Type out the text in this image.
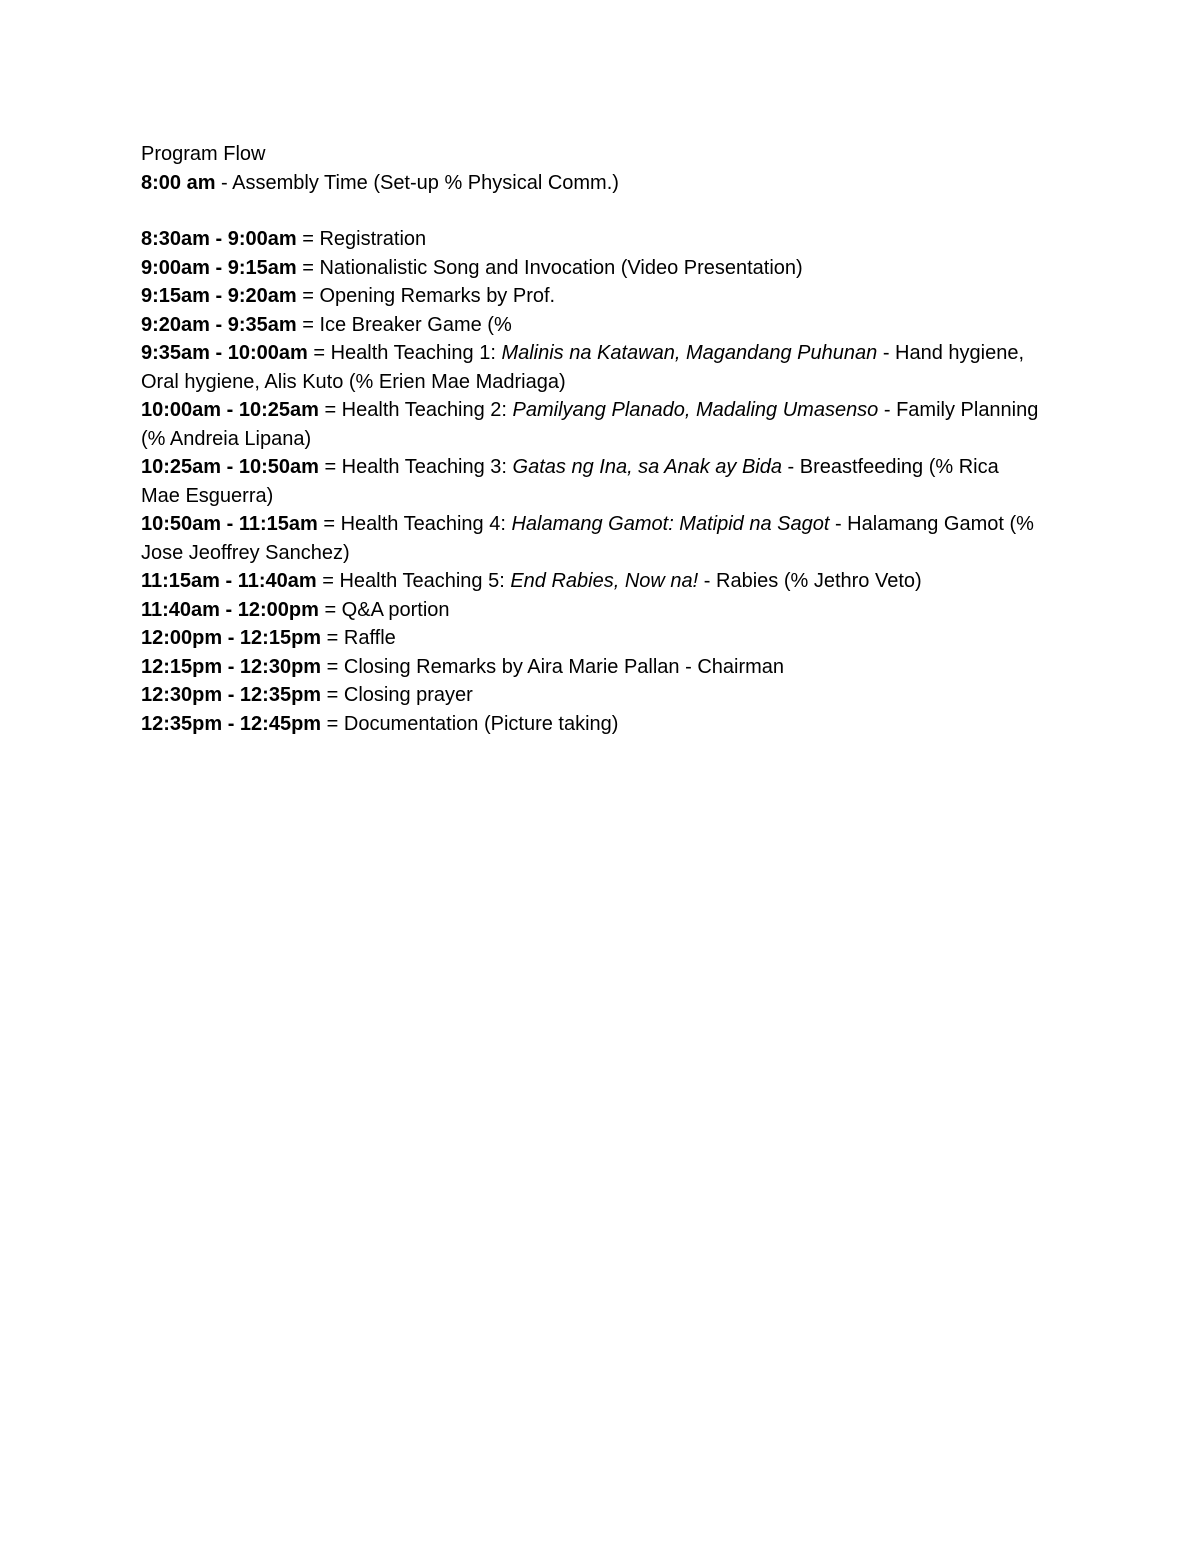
Program Flow
8:00 am - Assembly Time (Set-up % Physical Comm.)
8:30am - 9:00am = Registration
9:00am - 9:15am = Nationalistic Song and Invocation (Video Presentation)
9:15am - 9:20am = Opening Remarks by Prof.
9:20am - 9:35am = Ice Breaker Game (%
9:35am - 10:00am = Health Teaching 1: Malinis na Katawan, Magandang Puhunan - Hand hygiene, Oral hygiene, Alis Kuto (% Erien Mae Madriaga)
10:00am - 10:25am = Health Teaching 2: Pamilyang Planado, Madaling Umasenso - Family Planning (% Andreia Lipana)
10:25am - 10:50am = Health Teaching 3: Gatas ng Ina, sa Anak ay Bida - Breastfeeding (% Rica Mae Esguerra)
10:50am - 11:15am = Health Teaching 4: Halamang Gamot: Matipid na Sagot - Halamang Gamot (% Jose Jeoffrey Sanchez)
11:15am - 11:40am = Health Teaching 5: End Rabies, Now na! - Rabies (% Jethro Veto)
11:40am - 12:00pm = Q&A portion
12:00pm - 12:15pm = Raffle
12:15pm - 12:30pm = Closing Remarks by Aira Marie Pallan - Chairman
12:30pm - 12:35pm = Closing prayer
12:35pm - 12:45pm = Documentation (Picture taking)
